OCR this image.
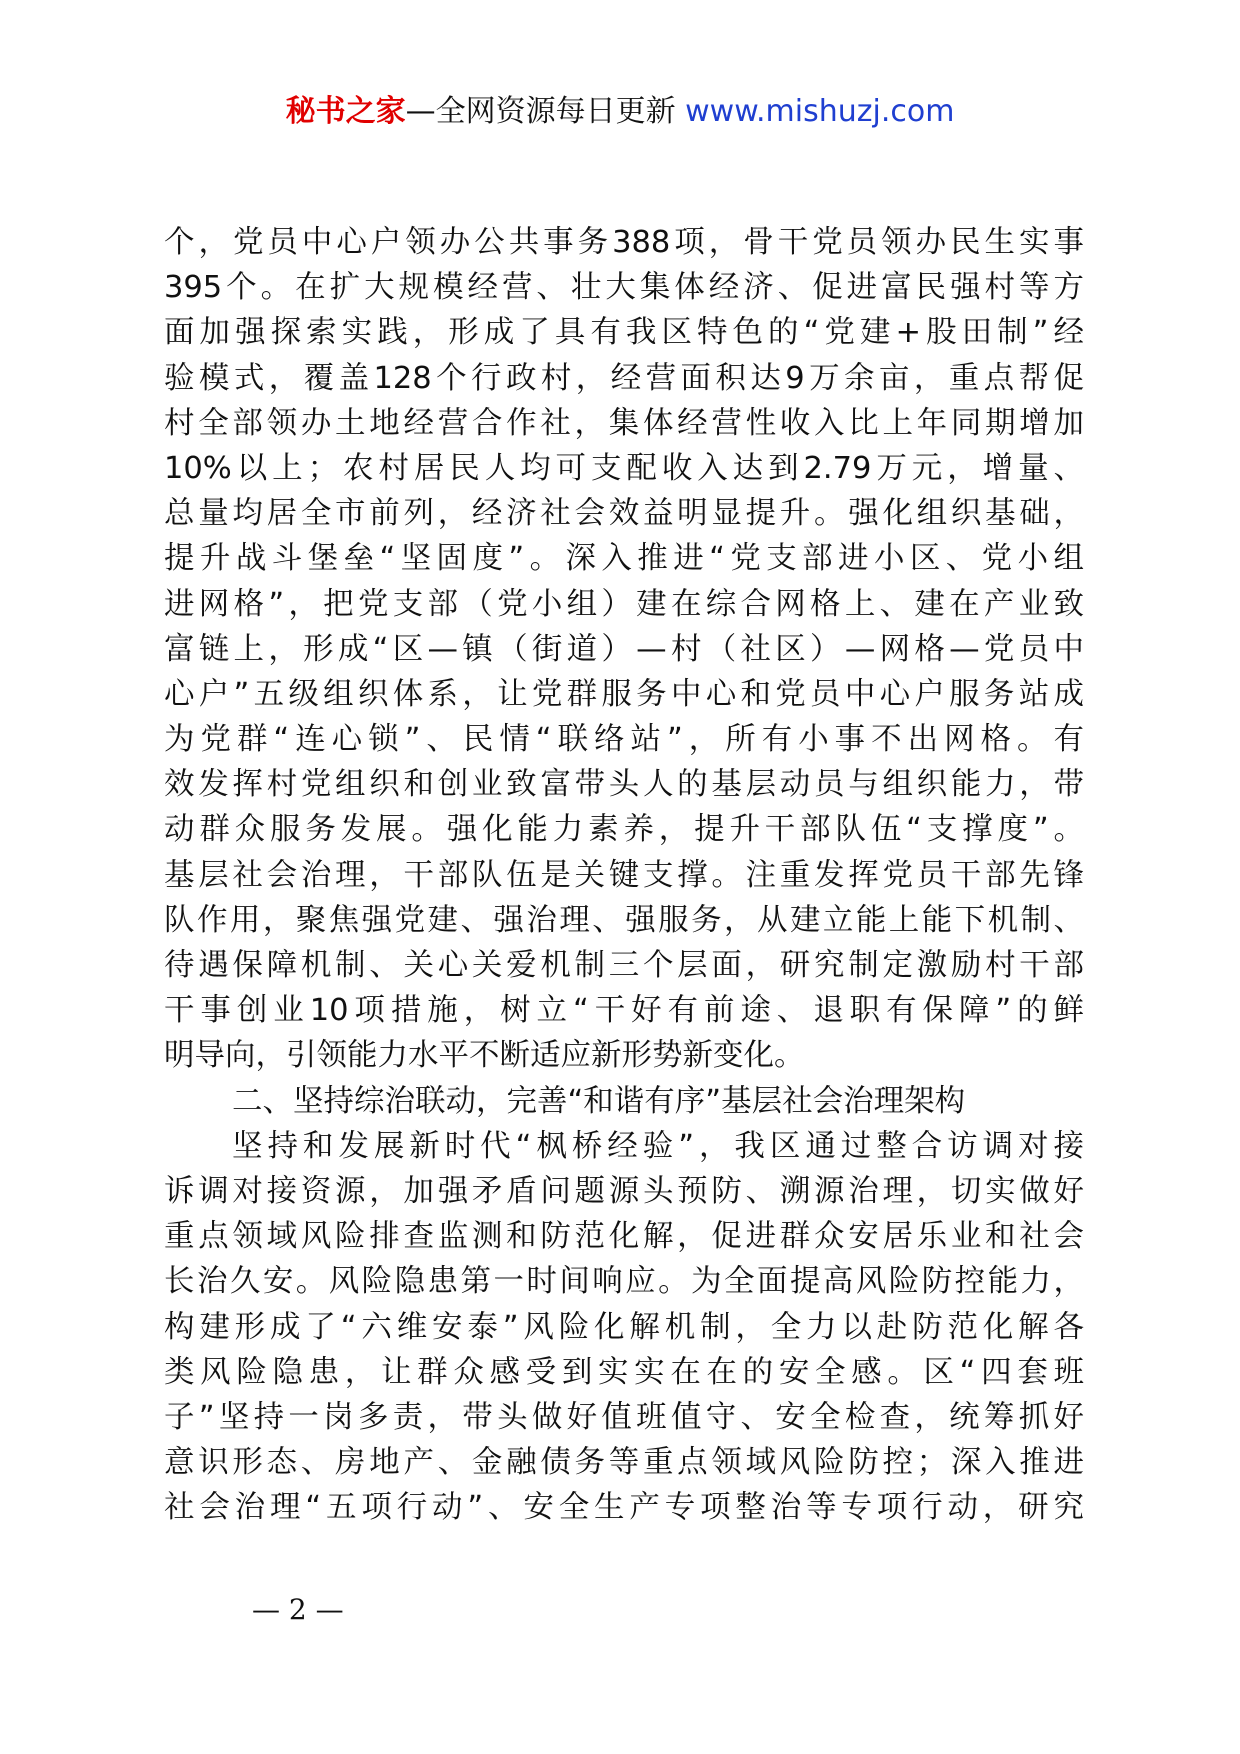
秘书之家—全网资源每日更新 www.mishuzj.com
个，党员中心户领办公共事务388项，骨干党员领办民生实事
395个。在扩大规模经营、壮大集体经济、促进富民强村等方
面加强探索实践，形成了具有我区特色的“党建+股田制”经
验模式，覆盖128个行政村，经营面积达9万余亩，重点帮促
村全部领办土地经营合作社，集体经营性收入比上年同期增加
10%以上；农村居民人均可支配收入达到2.79万元，增量、
总量均居全市前列，经济社会效益明显提升。强化组织基础，
提升战斗堡垒“坚固度”。深入推进“党支部进小区、党小组
进网格”，把党支部（党小组）建在综合网格上、建在产业致
富链上，形成“区—镇（街道）—村（社区）—网格—党员中
心户”五级组织体系，让党群服务中心和党员中心户服务站成
为党群“连心锁”、民情“联络站”，所有小事不出网格。有
效发挥村党组织和创业致富带头人的基层动员与组织能力，带
动群众服务发展。强化能力素养，提升干部队伍“支撑度”。
基层社会治理，干部队伍是关键支撑。注重发挥党员干部先锋
队作用，聚焦强党建、强治理、强服务，从建立能上能下机制、
待遇保障机制、关心关爱机制三个层面，研究制定激励村干部
干事创业10项措施，树立“干好有前途、退职有保障”的鲜
明导向，引领能力水平不断适应新形势新变化。
二、坚持综治联动，完善“和谐有序”基层社会治理架构
坚持和发展新时代“枫桥经验”，我区通过整合访调对接
诉调对接资源，加强矛盾问题源头预防、溯源治理，切实做好
重点领域风险排查监测和防范化解，促进群众安居乐业和社会
长治久安。风险隐患第一时间响应。为全面提高风险防控能力，
构建形成了“六维安泰”风险化解机制，全力以赴防范化解各
类风险隐患，让群众感受到实实在在的安全感。区“四套班
子”坚持一岗多责，带头做好值班值守、安全检查，统筹抓好
意识形态、房地产、金融债务等重点领域风险防控；深入推进
社会治理“五项行动”、安全生产专项整治等专项行动，研究
— 2 —
